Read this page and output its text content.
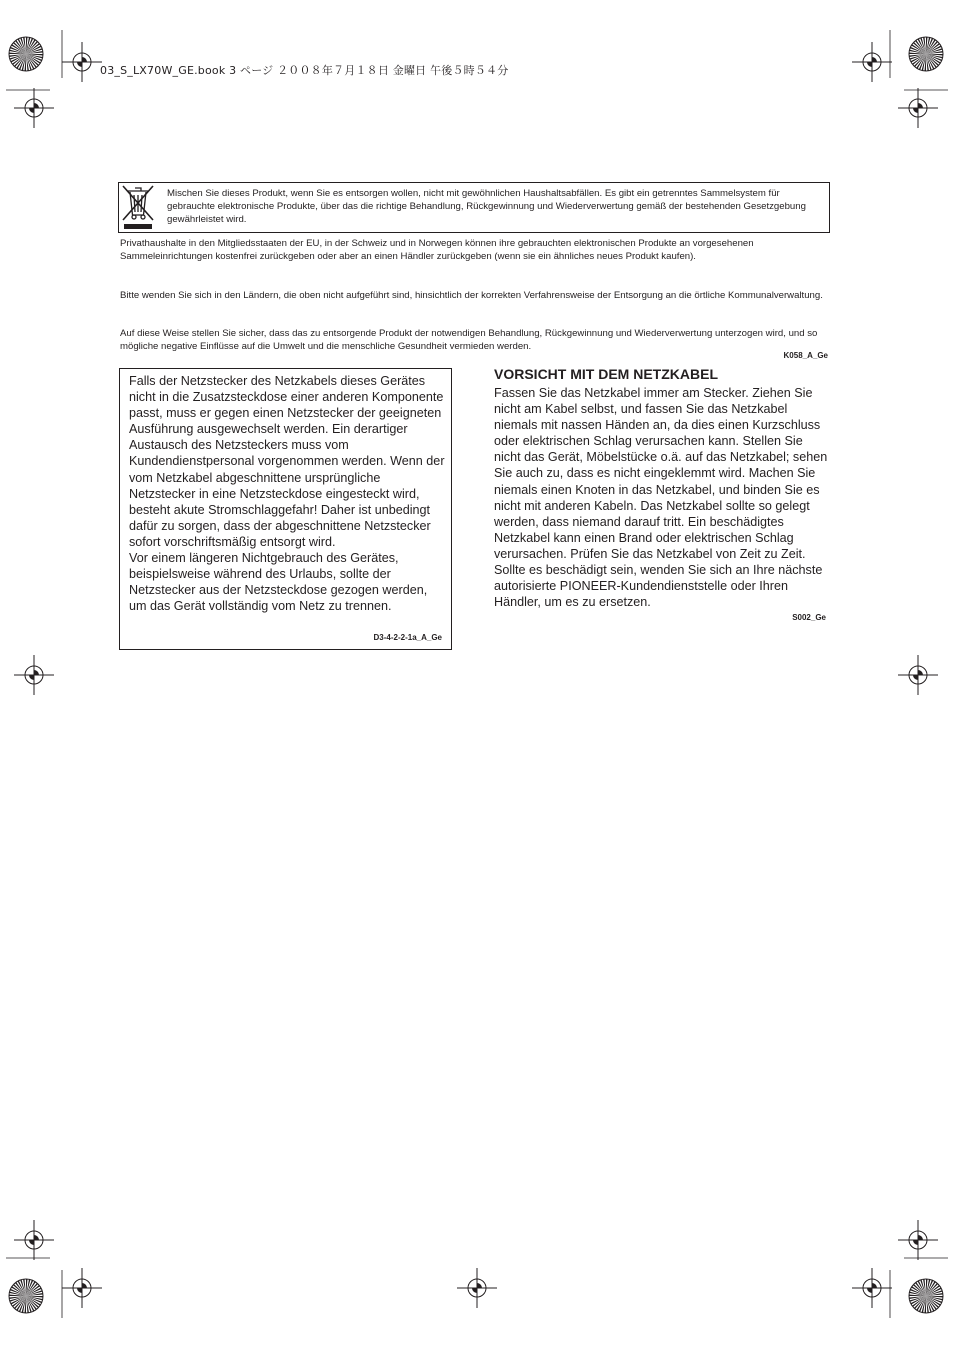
03_S_LX70W_GE.book 3 ページ ２００８年７月１８日 金曜日 午後５時５４分
Mischen Sie dieses Produkt, wenn Sie es entsorgen wollen, nicht mit gewöhnlichen Haushaltsabfällen. Es gibt ein getrenntes Sammelsystem für gebrauchte elektronische Produkte, über das die richtige Behandlung, Rückgewinnung und Wiederverwertung gemäß der bestehenden Gesetzgebung gewährleistet wird.
Privathaushalte in den Mitgliedsstaaten der EU, in der Schweiz und in Norwegen können ihre gebrauchten elektronischen Produkte an vorgesehenen Sammeleinrichtungen kostenfrei zurückgeben oder aber an einen Händler zurückgeben (wenn sie ein ähnliches neues Produkt kaufen).
Bitte wenden Sie sich in den Ländern, die oben nicht aufgeführt sind, hinsichtlich der korrekten Verfahrensweise der Entsorgung an die örtliche Kommunalverwaltung.
Auf diese Weise stellen Sie sicher, dass das zu entsorgende Produkt der notwendigen Behandlung, Rückgewinnung und Wiederverwertung unterzogen wird, und so mögliche negative Einflüsse auf die Umwelt und die menschliche Gesundheit vermieden werden.
K058_A_Ge
Falls der Netzstecker des Netzkabels dieses Gerätes nicht in die Zusatzsteckdose einer anderen Komponente passt, muss er gegen einen Netzstecker der geeigneten Ausführung ausgewechselt werden. Ein derartiger Austausch des Netzsteckers muss vom Kundendienstpersonal vorgenommen werden. Wenn der vom Netzkabel abgeschnittene ursprüngliche Netzstecker in eine Netzsteckdose eingesteckt wird, besteht akute Stromschlaggefahr! Daher ist unbedingt dafür zu sorgen, dass der abgeschnittene Netzstecker sofort vorschriftsmäßig entsorgt wird.
Vor einem längeren Nichtgebrauch des Gerätes, beispielsweise während des Urlaubs, sollte der Netzstecker aus der Netzsteckdose gezogen werden, um das Gerät vollständig vom Netz zu trennen.
D3-4-2-2-1a_A_Ge
VORSICHT MIT DEM NETZKABEL
Fassen Sie das Netzkabel immer am Stecker. Ziehen Sie nicht am Kabel selbst, und fassen Sie das Netzkabel niemals mit nassen Händen an, da dies einen Kurzschluss oder elektrischen Schlag verursachen kann. Stellen Sie nicht das Gerät, Möbelstücke o.ä. auf das Netzkabel; sehen Sie auch zu, dass es nicht eingeklemmt wird. Machen Sie niemals einen Knoten in das Netzkabel, und binden Sie es nicht mit anderen Kabeln. Das Netzkabel sollte so gelegt werden, dass niemand darauf tritt. Ein beschädigtes Netzkabel kann einen Brand oder elektrischen Schlag verursachen. Prüfen Sie das Netzkabel von Zeit zu Zeit. Sollte es beschädigt sein, wenden Sie sich an Ihre nächste autorisierte PIONEER-Kundendienststelle oder Ihren Händler, um es zu ersetzen.
S002_Ge
